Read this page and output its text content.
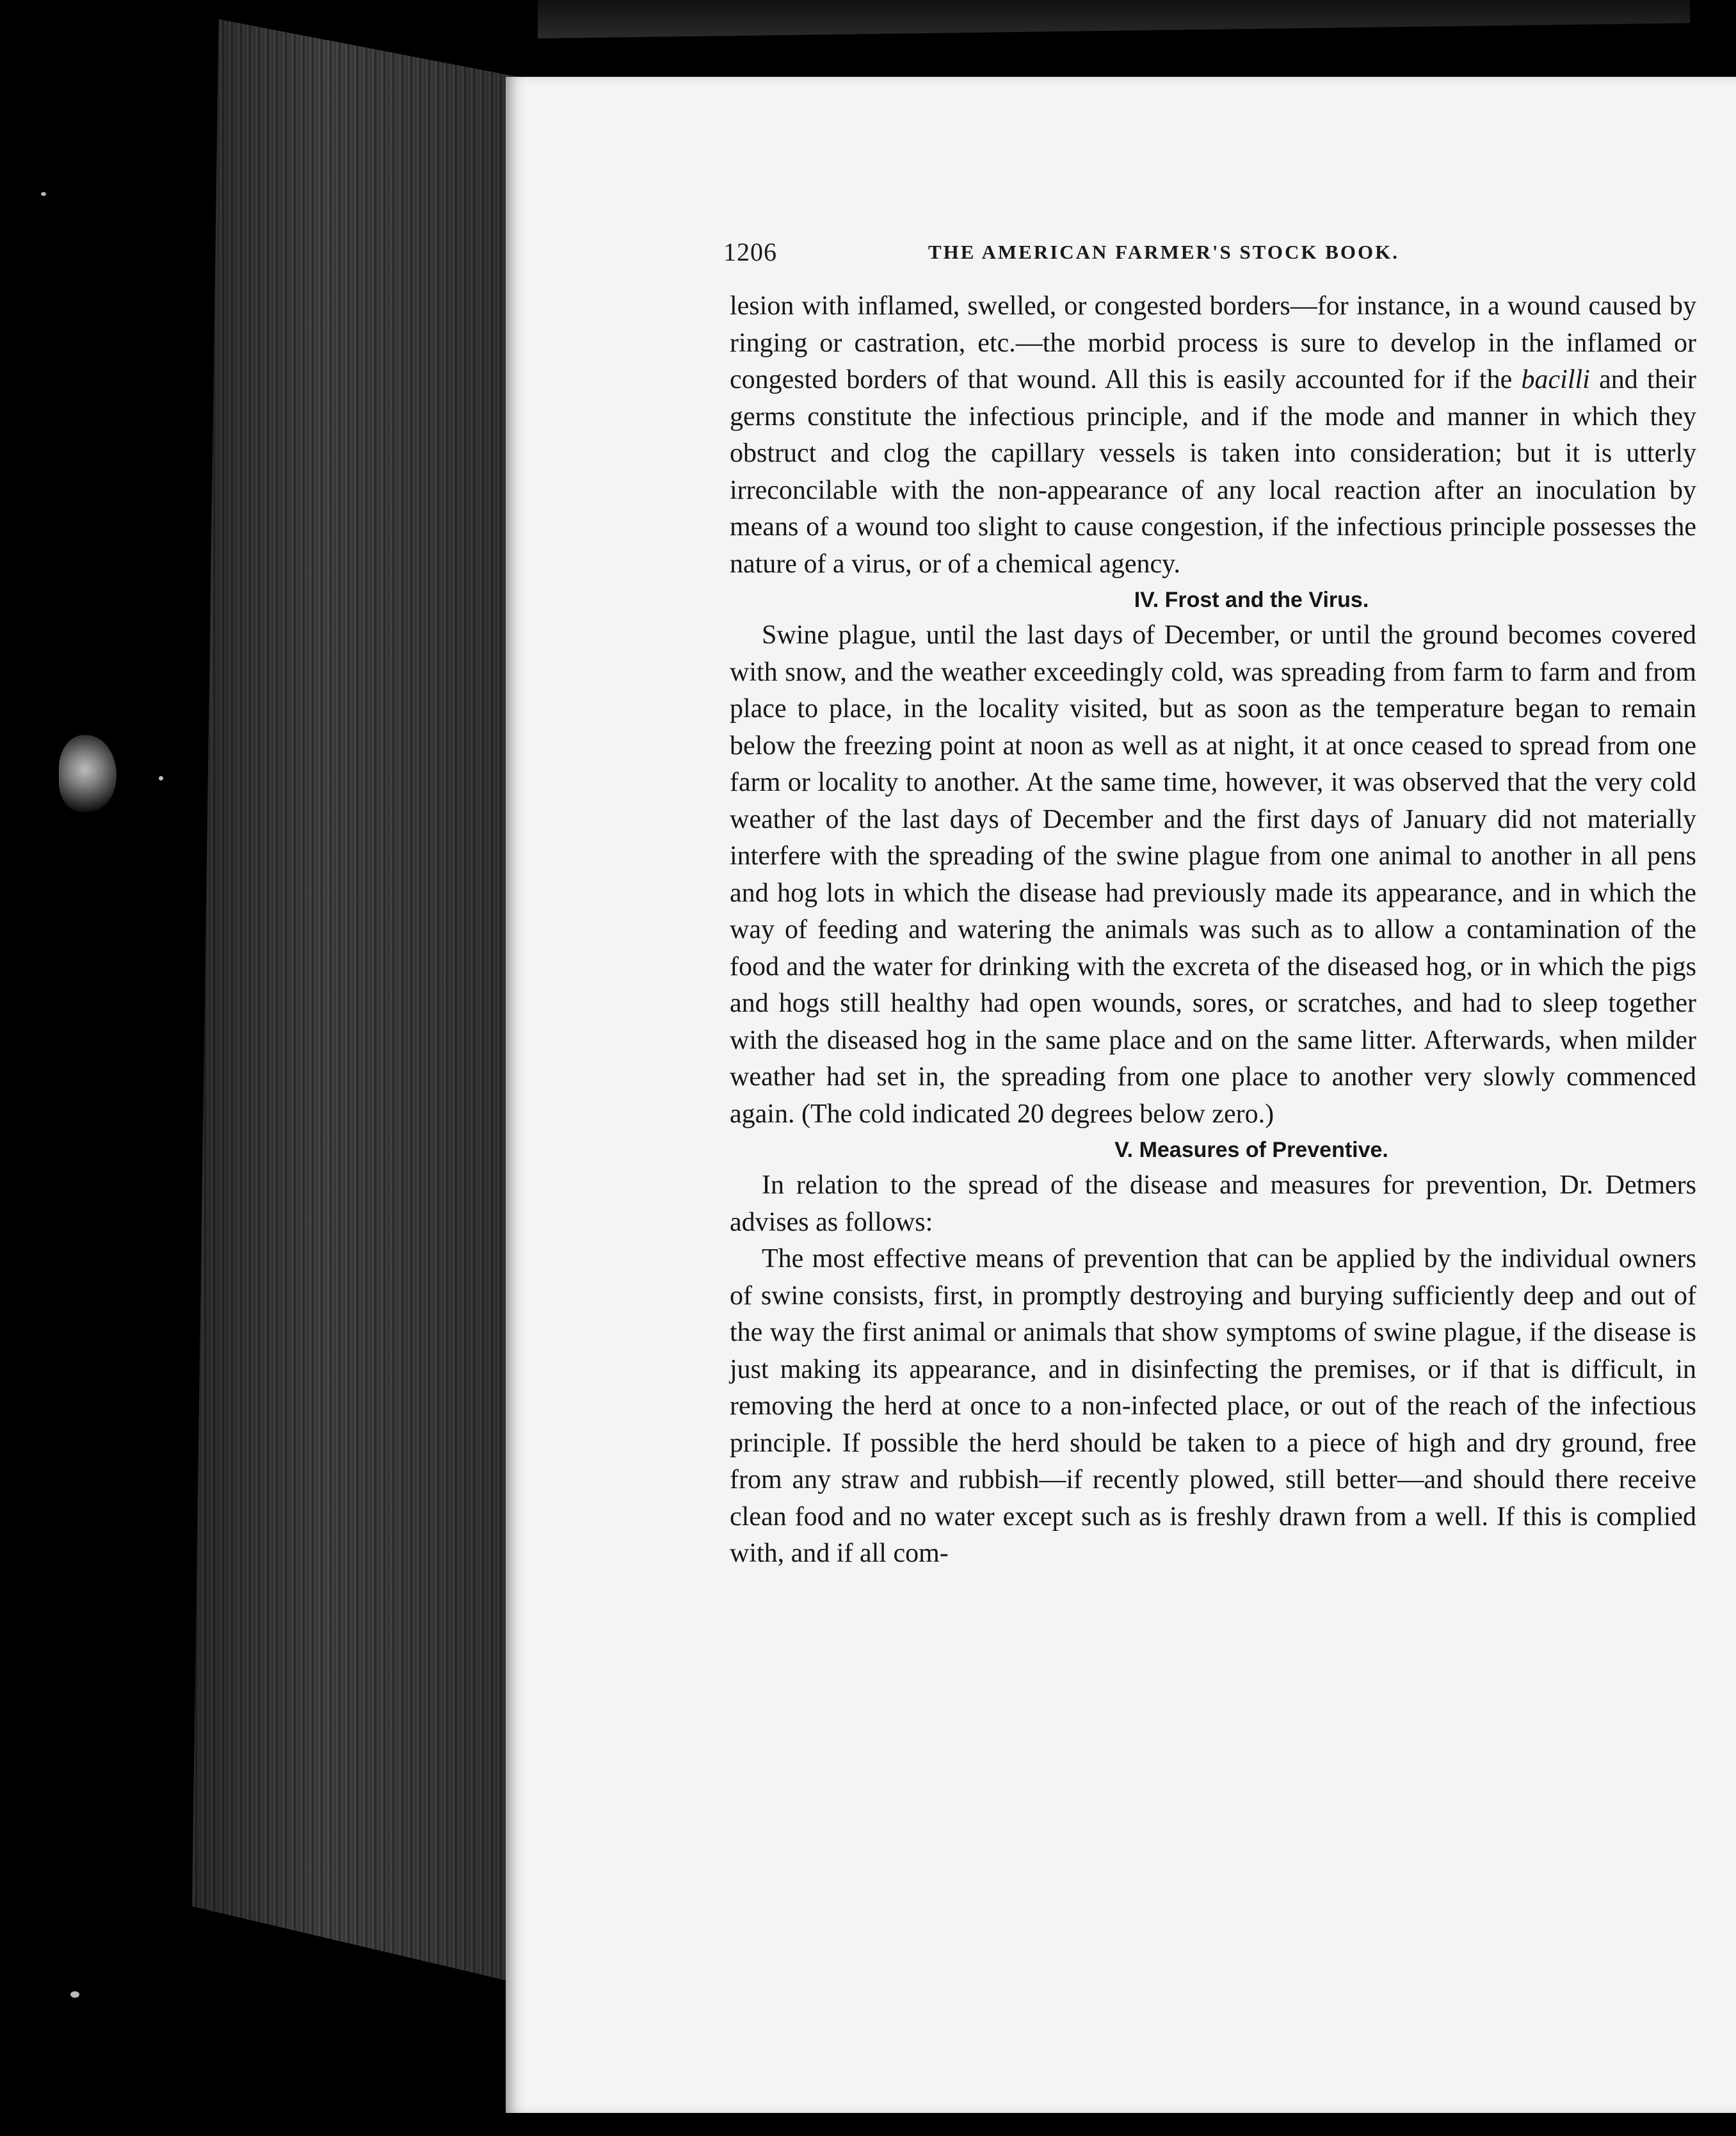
1206	THE AMERICAN FARMER'S STOCK BOOK.

lesion with inflamed, swelled, or congested borders—for instance, in a wound caused by ringing or castration, etc.—the morbid process is sure to develop in the inflamed or congested borders of that wound. All this is easily accounted for if the bacilli and their germs constitute the infectious principle, and if the mode and manner in which they obstruct and clog the capillary vessels is taken into consideration; but it is utterly irreconcilable with the non-appearance of any local reaction after an inoculation by means of a wound too slight to cause congestion, if the infectious principle possesses the nature of a virus, or of a chemical agency.

IV. Frost and the Virus.

Swine plague, until the last days of December, or until the ground becomes covered with snow, and the weather exceedingly cold, was spreading from farm to farm and from place to place, in the locality visited, but as soon as the temperature began to remain below the freezing point at noon as well as at night, it at once ceased to spread from one farm or locality to another. At the same time, however, it was observed that the very cold weather of the last days of December and the first days of January did not materially interfere with the spreading of the swine plague from one animal to another in all pens and hog lots in which the disease had previously made its appearance, and in which the way of feeding and watering the animals was such as to allow a contamination of the food and the water for drinking with the excreta of the diseased hog, or in which the pigs and hogs still healthy had open wounds, sores, or scratches, and had to sleep together with the diseased hog in the same place and on the same litter. Afterwards, when milder weather had set in, the spreading from one place to another very slowly commenced again. (The cold indicated 20 degrees below zero.)

V. Measures of Preventive.

In relation to the spread of the disease and measures for prevention, Dr. Detmers advises as follows:

The most effective means of prevention that can be applied by the individual owners of swine consists, first, in promptly destroying and burying sufficiently deep and out of the way the first animal or animals that show symptoms of swine plague, if the disease is just making its appearance, and in disinfecting the premises, or if that is difficult, in removing the herd at once to a non-infected place, or out of the reach of the infectious principle. If possible the herd should be taken to a piece of high and dry ground, free from any straw and rubbish—if recently plowed, still better—and should there receive clean food and no water except such as is freshly drawn from a well. If this is complied with, and if all com-
